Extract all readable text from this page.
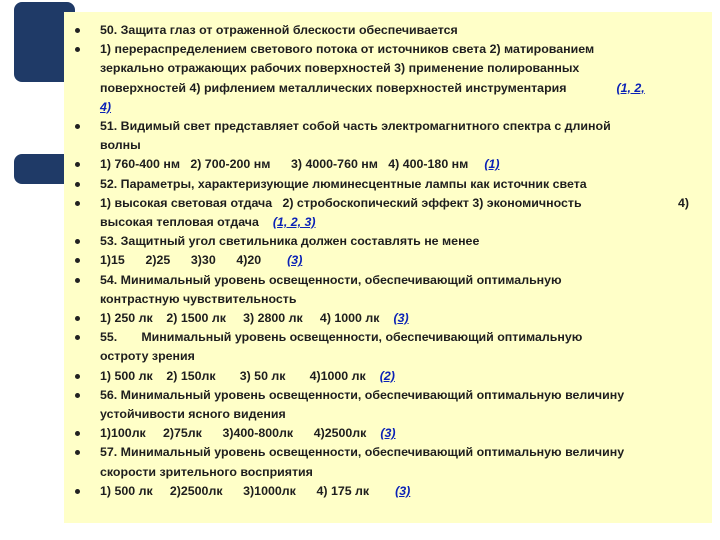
50. Защита глаз от отраженной блескости обеспечивается
1) перераспределением светового потока от источников света 2) матированием
зеркально отражающих рабочих поверхностей 3) применение полированных
поверхностей 4) рифлением металлических поверхностей инструментария	(1, 2,
4)
51. Видимый свет представляет собой часть электромагнитного спектра с длиной
волны
1) 760-400 нм   2) 700-200 нм      3) 4000-760 нм   4) 400-180 нм (1)
52. Параметры, характеризующие люминесцентные лампы как источник света
1) высокая световая отдача   2) стробоскопический эффект 3) экономичность	4)
высокая тепловая отдача (1, 2, 3)
53. Защитный угол светильника должен составлять не менее
1)15      2)25      3)30      4)20 (3)
54. Минимальный уровень освещенности, обеспечивающий оптимальную
контрастную чувствительность
1) 250 лк    2) 1500 лк     3) 2800 лк     4) 1000 лк (3)
55.       Минимальный уровень освещенности, обеспечивающий оптимальную
остроту зрения
1) 500 лк    2) 150лк       3) 50 лк       4)1000 лк (2)
56. Минимальный уровень освещенности, обеспечивающий оптимальную величину
устойчивости ясного видения
1)100лк     2)75лк      3)400-800лк      4)2500лк (3)
57. Минимальный уровень освещенности, обеспечивающий оптимальную величину
скорости зрительного восприятия
1) 500 лк     2)2500лк      3)1000лк      4) 175 лк (3)
